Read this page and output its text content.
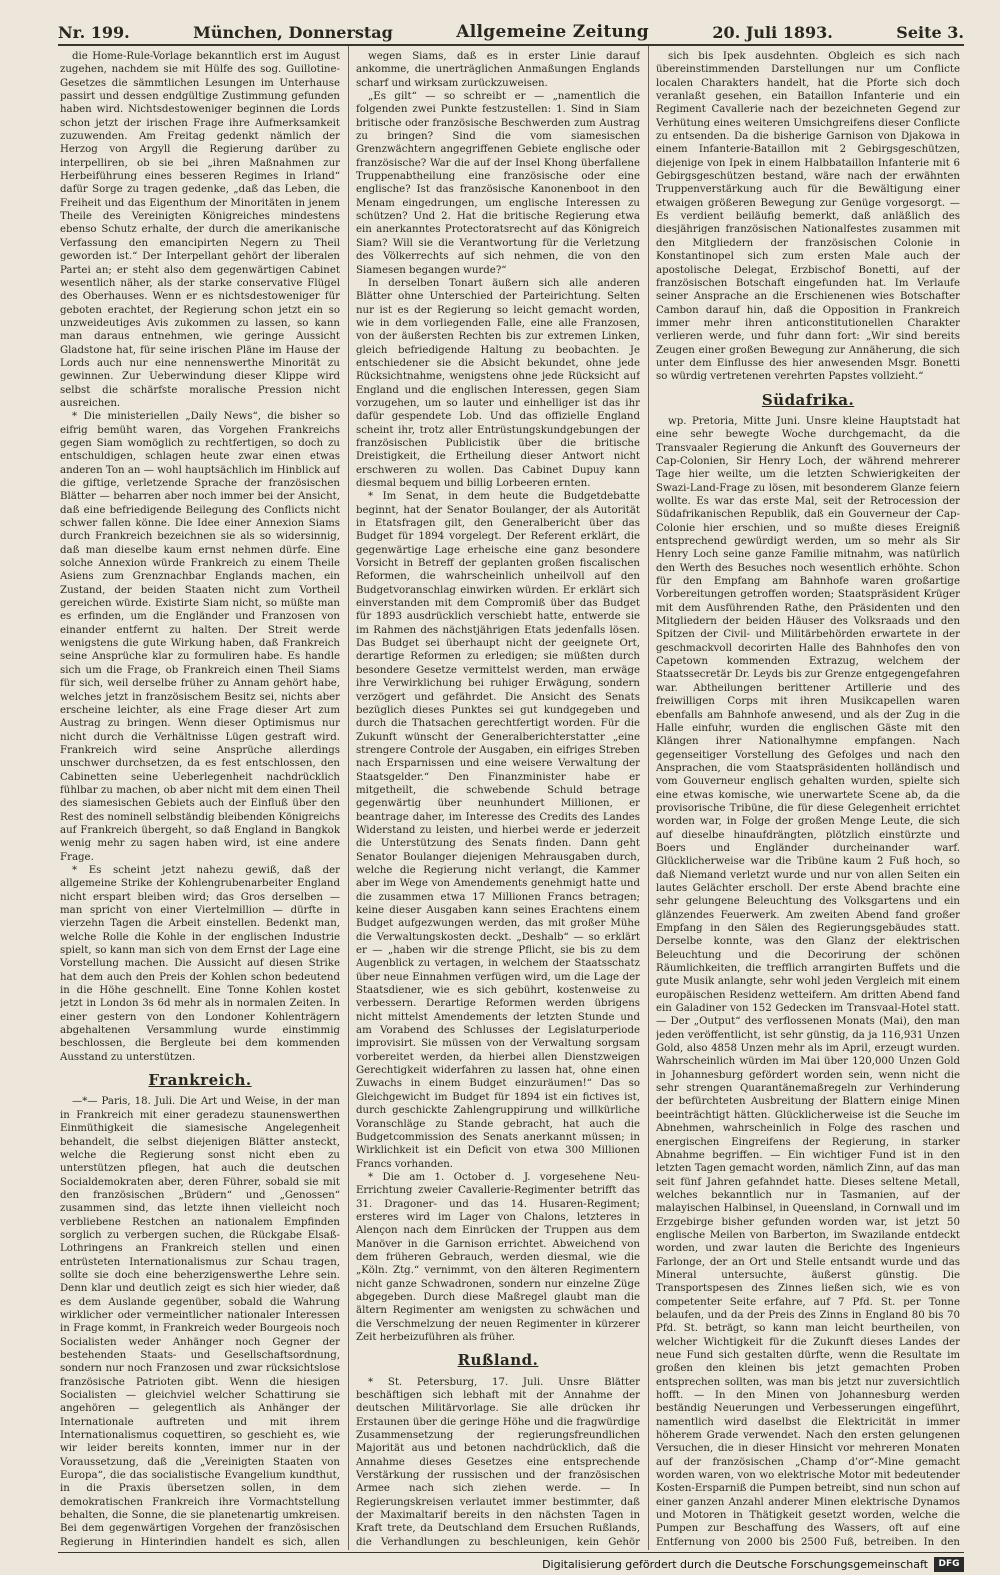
Nr. 199.	München, Donnerstag	Allgemeine Zeitung	20. Juli 1893.	Seite 3.

die Home-Rule-Vorlage bekanntlich erst im August zugehen, nachdem sie mit Hülfe des sog. Guillotine-Gesetzes die sämmtlichen Lesungen im Unterhause passirt und dessen endgültige Zustimmung gefunden haben wird. Nichtsdestoweniger beginnen die Lords schon jetzt der irischen Frage ihre Aufmerksamkeit zuzuwenden. Am Freitag gedenkt nämlich der Herzog von Argyll die Regierung darüber zu interpelliren, ob sie bei „ihren Maßnahmen zur Herbeiführung eines besseren Regimes in Irland“ dafür Sorge zu tragen gedenke, „daß das Leben, die Freiheit und das Eigenthum der Minoritäten in jenem Theile des Vereinigten Königreiches mindestens ebenso Schutz erhalte, der durch die amerikanische Verfassung den emancipirten Negern zu Theil geworden ist.“ Der Interpellant gehört der liberalen Partei an; er steht also dem gegenwärtigen Cabinet wesentlich näher, als der starke conservative Flügel des Oberhauses. Wenn er es nichtsdestoweniger für geboten erachtet, der Regierung schon jetzt ein so unzweideutiges Avis zukommen zu lassen, so kann man daraus entnehmen, wie geringe Aussicht Gladstone hat, für seine irischen Pläne im Hause der Lords auch nur eine nennenswerthe Minorität zu gewinnen. Zur Ueberwindung dieser Klippe wird selbst die schärfste moralische Pression nicht ausreichen.

* Die ministeriellen „Daily News“, die bisher so eifrig bemüht waren, das Vorgehen Frankreichs gegen Siam womöglich zu rechtfertigen, so doch zu entschuldigen, schlagen heute zwar einen etwas anderen Ton an — wohl hauptsächlich im Hinblick auf die giftige, verletzende Sprache der französischen Blätter — beharren aber noch immer bei der Ansicht, daß eine befriedigende Beilegung des Conflicts nicht schwer fallen könne. Die Idee einer Annexion Siams durch Frankreich bezeichnen sie als so widersinnig, daß man dieselbe kaum ernst nehmen dürfe. Eine solche Annexion würde Frankreich zu einem Theile Asiens zum Grenznachbar Englands machen, ein Zustand, der beiden Staaten nicht zum Vortheil gereichen würde. Existirte Siam nicht, so müßte man es erfinden, um die Engländer und Franzosen von einander entfernt zu halten. Der Streit werde wenigstens die gute Wirkung haben, daß Frankreich seine Ansprüche klar zu formuliren habe. Es handle sich um die Frage, ob Frankreich einen Theil Siams für sich, weil derselbe früher zu Annam gehört habe, welches jetzt in französischem Besitz sei, nichts aber erscheine leichter, als eine Frage dieser Art zum Austrag zu bringen. Wenn dieser Optimismus nur nicht durch die Verhältnisse Lügen gestraft wird. Frankreich wird seine Ansprüche allerdings unschwer durchsetzen, da es fest entschlossen, den Cabinetten seine Ueberlegenheit nachdrücklich fühlbar zu machen, ob aber nicht mit dem einen Theil des siamesischen Gebiets auch der Einfluß über den Rest des nominell selbständig bleibenden Königreichs auf Frankreich übergeht, so daß England in Bangkok wenig mehr zu sagen haben wird, ist eine andere Frage.

* Es scheint jetzt nahezu gewiß, daß der allgemeine Strike der Kohlengrubenarbeiter England nicht erspart bleiben wird; das Gros derselben — man spricht von einer Viertelmillion — dürfte in vierzehn Tagen die Arbeit einstellen. Bedenkt man, welche Rolle die Kohle in der englischen Industrie spielt, so kann man sich von dem Ernst der Lage eine Vorstellung machen. Die Aussicht auf diesen Strike hat dem auch den Preis der Kohlen schon bedeutend in die Höhe geschnellt. Eine Tonne Kohlen kostet jetzt in London 3s 6d mehr als in normalen Zeiten. In einer gestern von den Londoner Kohlenträgern abgehaltenen Versammlung wurde einstimmig beschlossen, die Bergleute bei dem kommenden Ausstand zu unterstützen.

Frankreich.

—*— Paris, 18. Juli. Die Art und Weise, in der man in Frankreich mit einer geradezu staunenswerthen Einmüthigkeit die siamesische Angelegenheit behandelt, die selbst diejenigen Blätter ansteckt, welche die Regierung sonst nicht eben zu unterstützen pflegen, hat auch die deutschen Socialdemokraten aber, deren Führer, sobald sie mit den französischen „Brüdern“ und „Genossen“ zusammen sind, das letzte ihnen vielleicht noch verbliebene Restchen an nationalem Empfinden sorglich zu verbergen suchen, die Rückgabe Elsaß-Lothringens an Frankreich stellen und einen entrüsteten Internationalismus zur Schau tragen, sollte sie doch eine beherzigenswerthe Lehre sein. Denn klar und deutlich zeigt es sich hier wieder, daß es dem Auslande gegenüber, sobald die Wahrung wirklicher oder vermeintlicher nationaler Interessen in Frage kommt, in Frankreich weder Bourgeois noch Socialisten weder Anhänger noch Gegner der bestehenden Staats- und Gesellschaftsordnung, sondern nur noch Franzosen und zwar rücksichtslose französische Patrioten gibt. Wenn die hiesigen Socialisten — gleichviel welcher Schattirung sie angehören — gelegentlich als Anhänger der Internationale auftreten und mit ihrem Internationalismus coquettiren, so geschieht es, wie wir leider bereits konnten, immer nur in der Voraussetzung, daß die „Vereinigten Staaten von Europa“, die das socialistische Evangelium kundthut, in die Praxis übersetzen sollen, in dem demokratischen Frankreich ihre Vormachtstellung behalten, die Sonne, die sie planetenartig umkreisen. Bei dem gegenwärtigen Vorgehen der französischen Regierung in Hinterindien handelt es sich, allen

wegen Siams, daß es in erster Linie darauf ankomme, die unerträglichen Anmaßungen Englands scharf und wirksam zurückzuweisen.

„Es gilt“ — so schreibt er — „namentlich die folgenden zwei Punkte festzustellen: 1. Sind in Siam britische oder französische Beschwerden zum Austrag zu bringen? Sind die vom siamesischen Grenzwächtern angegriffenen Gebiete englische oder französische? War die auf der Insel Khong überfallene Truppenabtheilung eine französische oder eine englische? Ist das französische Kanonenboot in den Menam eingedrungen, um englische Interessen zu schützen? Und 2. Hat die britische Regierung etwa ein anerkanntes Protectoratsrecht auf das Königreich Siam? Will sie die Verantwortung für die Verletzung des Völkerrechts auf sich nehmen, die von den Siamesen begangen wurde?“

In derselben Tonart äußern sich alle anderen Blätter ohne Unterschied der Parteirichtung. Selten nur ist es der Regierung so leicht gemacht worden, wie in dem vorliegenden Falle, eine alle Franzosen, von der äußersten Rechten bis zur extremen Linken, gleich befriedigende Haltung zu beobachten. Je entschiedener sie die Absicht bekundet, ohne jede Rücksichtnahme, wenigstens ohne jede Rücksicht auf England und die englischen Interessen, gegen Siam vorzugehen, um so lauter und einhelliger ist das ihr dafür gespendete Lob. Und das offizielle England scheint ihr, trotz aller Entrüstungskundgebungen der französischen Publicistik über die britische Dreistigkeit, die Ertheilung dieser Antwort nicht erschweren zu wollen. Das Cabinet Dupuy kann diesmal bequem und billig Lorbeeren ernten.

* Im Senat, in dem heute die Budgetdebatte beginnt, hat der Senator Boulanger, der als Autorität in Etatsfragen gilt, den Generalbericht über das Budget für 1894 vorgelegt. Der Referent erklärt, die gegenwärtige Lage erheische eine ganz besondere Vorsicht in Betreff der geplanten großen fiscalischen Reformen, die wahrscheinlich unheilvoll auf den Budgetvoranschlag einwirken würden. Er erklärt sich einverstanden mit dem Compromiß über das Budget für 1893 ausdrücklich verschiebt hatte, entwerde sie im Rahmen des nächstjährigen Etats jedenfalls lösen. Das Budget sei überhaupt nicht der geeignete Ort, derartige Reformen zu erledigen; sie müßten durch besondere Gesetze vermittelst werden, man erwäge ihre Verwirklichung bei ruhiger Erwägung, sondern verzögert und gefährdet. Die Ansicht des Senats bezüglich dieses Punktes sei gut kundgegeben und durch die Thatsachen gerechtfertigt worden. Für die Zukunft wünscht der Generalberichterstatter „eine strengere Controle der Ausgaben, ein eifriges Streben nach Ersparnissen und eine weisere Verwaltung der Staatsgelder.“ Den Finanzminister habe er mitgetheilt, die schwebende Schuld betrage gegenwärtig über neunhundert Millionen, er beantrage daher, im Interesse des Credits des Landes Widerstand zu leisten, und hierbei werde er jederzeit die Unterstützung des Senats finden. Dann geht Senator Boulanger diejenigen Mehrausgaben durch, welche die Regierung nicht verlangt, die Kammer aber im Wege von Amendements genehmigt hatte und die zusammen etwa 17 Millionen Francs betragen; keine dieser Ausgaben kann seines Erachtens einem Budget aufgezwungen werden, das mit großer Mühe die Verwaltungskosten deckt. „Deshalb“ — so erklärt er — „haben wir die strenge Pflicht, sie bis zu dem Augenblick zu vertagen, in welchem der Staatsschatz über neue Einnahmen verfügen wird, um die Lage der Staatsdiener, wie es sich gebührt, kostenweise zu verbessern. Derartige Reformen werden übrigens nicht mittelst Amendements der letzten Stunde und am Vorabend des Schlusses der Legislaturperiode improvisirt. Sie müssen von der Verwaltung sorgsam vorbereitet werden, da hierbei allen Dienstzweigen Gerechtigkeit widerfahren zu lassen hat, ohne einen Zuwachs in einem Budget einzuräumen!“ Das so Gleichgewicht im Budget für 1894 ist ein fictives ist, durch geschickte Zahlengruppirung und willkürliche Voranschläge zu Stande gebracht, hat auch die Budgetcommission des Senats anerkannt müssen; in Wirklichkeit ist ein Deficit von etwa 300 Millionen Francs vorhanden.

* Die am 1. October d. J. vorgesehene Neu-Errichtung zweier Cavallerie-Regimenter betrifft das 31. Dragoner- und das 14. Husaren-Regiment; ersteres wird im Lager von Chalons, letzteres in Alençon nach dem Einrücken der Truppen aus dem Manöver in die Garnison errichtet. Abweichend von dem früheren Gebrauch, werden diesmal, wie die „Köln. Ztg.“ vernimmt, von den älteren Regimentern nicht ganze Schwadronen, sondern nur einzelne Züge abgegeben. Durch diese Maßregel glaubt man die ältern Regimenter am wenigsten zu schwächen und die Verschmelzung der neuen Regimenter in kürzerer Zeit herbeizuführen als früher.

Rußland.

* St. Petersburg, 17. Juli. Unsre Blätter beschäftigen sich lebhaft mit der Annahme der deutschen Militärvorlage. Sie alle drücken ihr Erstaunen über die geringe Höhe und die fragwürdige Zusammensetzung der regierungsfreundlichen Majorität aus und betonen nachdrücklich, daß die Annahme dieses Gesetzes eine entsprechende Verstärkung der russischen und der französischen Armee nach sich ziehen werde. — In Regierungskreisen verlautet immer bestimmter, daß der Maximaltarif bereits in den nächsten Tagen in Kraft trete, da Deutschland dem Ersuchen Rußlands, die Verhandlungen zu beschleunigen, kein Gehör

sich bis Ipek ausdehnten. Obgleich es sich nach übereinstimmenden Darstellungen nur um Conflicte localen Charakters handelt, hat die Pforte sich doch veranlaßt gesehen, ein Bataillon Infanterie und ein Regiment Cavallerie nach der bezeichneten Gegend zur Verhütung eines weiteren Umsichgreifens dieser Conflicte zu entsenden. Da die bisherige Garnison von Djakowa in einem Infanterie-Bataillon mit 2 Gebirgsgeschützen, diejenige von Ipek in einem Halbbataillon Infanterie mit 6 Gebirgsgeschützen bestand, wäre nach der erwähnten Truppenverstärkung auch für die Bewältigung einer etwaigen größeren Bewegung zur Genüge vorgesorgt. — Es verdient beiläufig bemerkt, daß anläßlich des diesjährigen französischen Nationalfestes zusammen mit den Mitgliedern der französischen Colonie in Konstantinopel sich zum ersten Male auch der apostolische Delegat, Erzbischof Bonetti, auf der französischen Botschaft eingefunden hat. Im Verlaufe seiner Ansprache an die Erschienenen wies Botschafter Cambon darauf hin, daß die Opposition in Frankreich immer mehr ihren anticonstitutionellen Charakter verlieren werde, und fuhr dann fort: „Wir sind bereits Zeugen einer großen Bewegung zur Annäherung, die sich unter dem Einflusse des hier anwesenden Msgr. Bonetti so würdig vertretenen verehrten Papstes vollzieht.“

Südafrika.

wp. Pretoria, Mitte Juni. Unsre kleine Hauptstadt hat eine sehr bewegte Woche durchgemacht, da die Transvaaler Regierung die Ankunft des Gouverneurs der Cap-Colonien, Sir Henry Loch, der während mehrerer Tage hier weilte, um die letzten Schwierigkeiten der Swazi-Land-Frage zu lösen, mit besonderem Glanze feiern wollte. Es war das erste Mal, seit der Retrocession der Südafrikanischen Republik, daß ein Gouverneur der Cap-Colonie hier erschien, und so mußte dieses Ereigniß entsprechend gewürdigt werden, um so mehr als Sir Henry Loch seine ganze Familie mitnahm, was natürlich den Werth des Besuches noch wesentlich erhöhte. Schon für den Empfang am Bahnhofe waren großartige Vorbereitungen getroffen worden; Staatspräsident Krüger mit dem Ausführenden Rathe, den Präsidenten und den Mitgliedern der beiden Häuser des Volksraads und den Spitzen der Civil- und Militärbehörden erwartete in der geschmackvoll decorirten Halle des Bahnhofes den von Capetown kommenden Extrazug, welchem der Staatssecretär Dr. Leyds bis zur Grenze entgegengefahren war. Abtheilungen berittener Artillerie und des freiwilligen Corps mit ihren Musikcapellen waren ebenfalls am Bahnhofe anwesend, und als der Zug in die Halle einfuhr, wurden die englischen Gäste mit den Klängen ihrer Nationalhymne empfangen. Nach gegenseitiger Vorstellung des Gefolges und nach den Ansprachen, die vom Staatspräsidenten holländisch und vom Gouverneur englisch gehalten wurden, spielte sich eine etwas komische, wie unerwartete Scene ab, da die provisorische Tribüne, die für diese Gelegenheit errichtet worden war, in Folge der großen Menge Leute, die sich auf dieselbe hinaufdrängten, plötzlich einstürzte und Boers und Engländer durcheinander warf. Glücklicherweise war die Tribüne kaum 2 Fuß hoch, so daß Niemand verletzt wurde und nur von allen Seiten ein lautes Gelächter erscholl. Der erste Abend brachte eine sehr gelungene Beleuchtung des Volksgartens und ein glänzendes Feuerwerk. Am zweiten Abend fand großer Empfang in den Sälen des Regierungsgebäudes statt. Derselbe konnte, was den Glanz der elektrischen Beleuchtung und die Decorirung der schönen Räumlichkeiten, die trefflich arrangirten Buffets und die gute Musik anlangte, sehr wohl jeden Vergleich mit einem europäischen Residenz wetteifern. Am dritten Abend fand ein Galadiner von 152 Gedecken im Transvaal-Hotel statt. — Der „Output“ des verflossenen Monats (Mai), den man jeden veröffentlicht, ist sehr günstig, da ja 116,931 Unzen Gold, also 4858 Unzen mehr als im April, erzeugt wurden. Wahrscheinlich würden im Mai über 120,000 Unzen Gold in Johannesburg gefördert worden sein, wenn nicht die sehr strengen Quarantänemaßregeln zur Verhinderung der befürchteten Ausbreitung der Blattern einige Minen beeinträchtigt hätten. Glücklicherweise ist die Seuche im Abnehmen, wahrscheinlich in Folge des raschen und energischen Eingreifens der Regierung, in starker Abnahme begriffen. — Ein wichtiger Fund ist in den letzten Tagen gemacht worden, nämlich Zinn, auf das man seit fünf Jahren gefahndet hatte. Dieses seltene Metall, welches bekanntlich nur in Tasmanien, auf der malayischen Halbinsel, in Queensland, in Cornwall und im Erzgebirge bisher gefunden worden war, ist jetzt 50 englische Meilen von Barberton, im Swazilande entdeckt worden, und zwar lauten die Berichte des Ingenieurs Farlonge, der an Ort und Stelle entsandt wurde und das Mineral untersuchte, äußerst günstig. Die Transportspesen des Zinnes ließen sich, wie es von competenter Seite erfahre, auf 7 Pfd. St. per Tonne belaufen, und da der Preis des Zinns in England 80 bis 70 Pfd. St. beträgt, so kann man leicht beurtheilen, von welcher Wichtigkeit für die Zukunft dieses Landes der neue Fund sich gestalten dürfte, wenn die Resultate im großen den kleinen bis jetzt gemachten Proben entsprechen sollten, was man bis jetzt nur zuversichtlich hofft. — In den Minen von Johannesburg werden beständig Neuerungen und Verbesserungen eingeführt, namentlich wird daselbst die Elektricität in immer höherem Grade verwendet. Nach den ersten gelungenen Versuchen, die in dieser Hinsicht vor mehreren Monaten auf der französischen „Champ d’or“-Mine gemacht worden waren, von wo elektrische Motor mit bedeutender Kosten-Ersparniß die Pumpen betreibt, sind nun schon auf einer ganzen Anzahl anderer Minen elektrische Dynamos und Motoren in Thätigkeit gesetzt worden, welche die Pumpen zur Beschaffung des Wassers, oft auf eine Entfernung von 2000 bis 2500 Fuß, betreiben. In den

Digitalisierung gefördert durch die Deutsche Forschungsgemeinschaft	DFG
